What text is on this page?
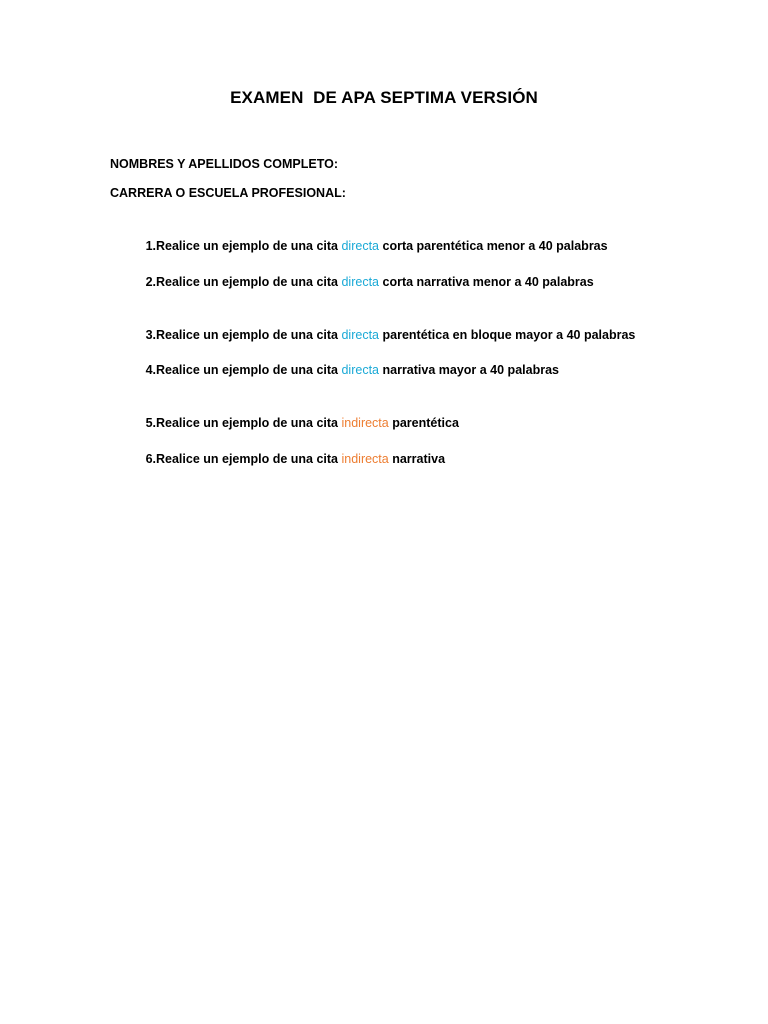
EXAMEN  DE APA SEPTIMA VERSIÓN
NOMBRES Y APELLIDOS COMPLETO:
CARRERA O ESCUELA PROFESIONAL:
1. Realice un ejemplo de una cita directa corta parentética menor a 40 palabras
2. Realice un ejemplo de una cita directa corta narrativa menor a 40 palabras
3. Realice un ejemplo de una cita directa parentética en bloque mayor a 40 palabras
4. Realice un ejemplo de una cita directa narrativa mayor a 40 palabras
5. Realice un ejemplo de una cita indirecta parentética
6. Realice un ejemplo de una cita indirecta narrativa
